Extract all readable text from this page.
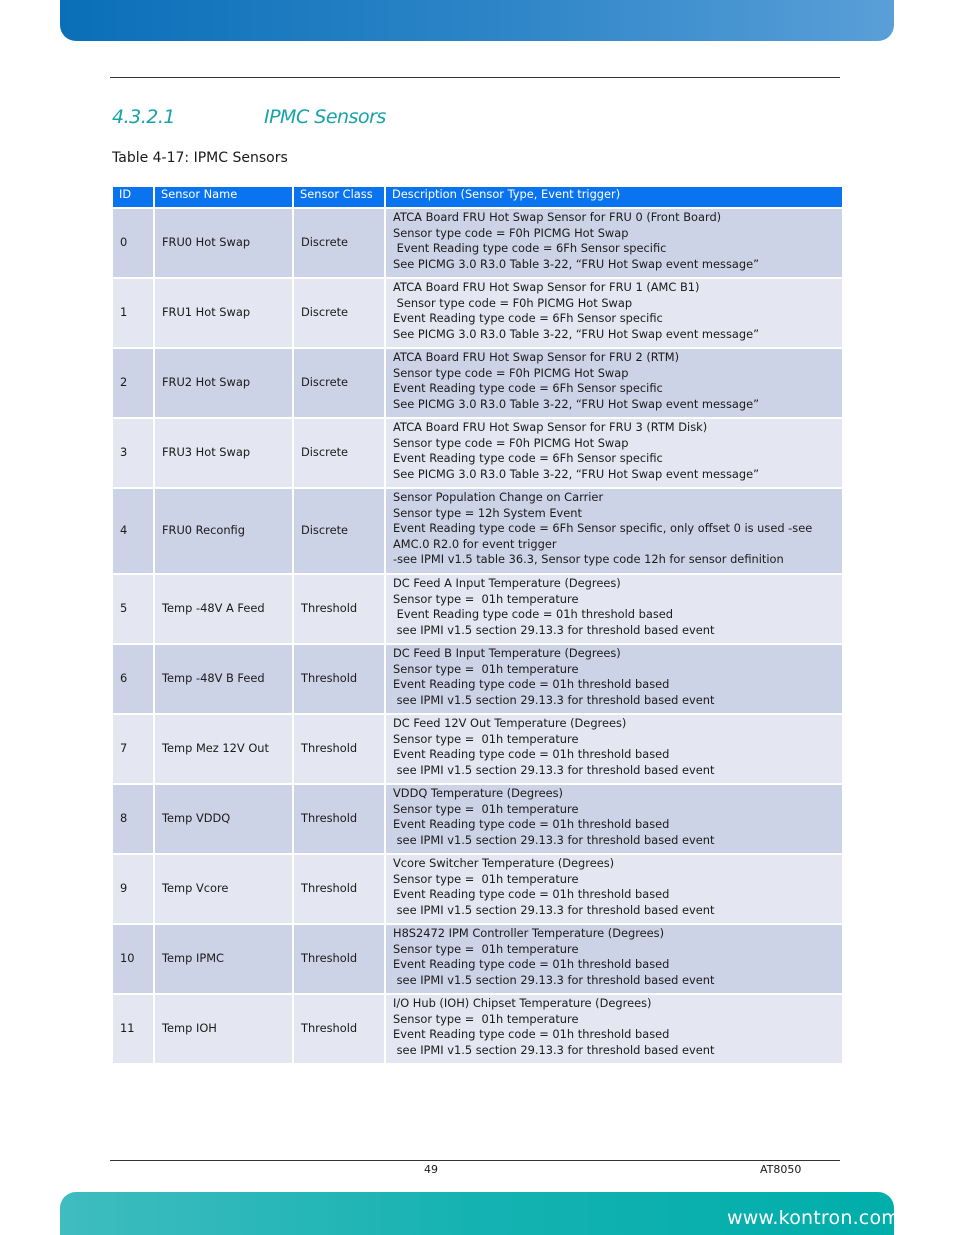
4.3.2.1	IPMC Sensors
Table 4-17: IPMC Sensors
ID	Sensor Name	Sensor Class	Description (Sensor Type, Event trigger)
0	FRU0 Hot Swap	Discrete	ATCA Board FRU Hot Swap Sensor for FRU 0 (Front Board)
Sensor type code = F0h PICMG Hot Swap
Event Reading type code = 6Fh Sensor specific
See PICMG 3.0 R3.0 Table 3-22, “FRU Hot Swap event message”
1	FRU1 Hot Swap	Discrete	ATCA Board FRU Hot Swap Sensor for FRU 1 (AMC B1)
Sensor type code = F0h PICMG Hot Swap
Event Reading type code = 6Fh Sensor specific
See PICMG 3.0 R3.0 Table 3-22, “FRU Hot Swap event message”
2	FRU2 Hot Swap	Discrete	ATCA Board FRU Hot Swap Sensor for FRU 2 (RTM)
Sensor type code = F0h PICMG Hot Swap
Event Reading type code = 6Fh Sensor specific
See PICMG 3.0 R3.0 Table 3-22, “FRU Hot Swap event message”
3	FRU3 Hot Swap	Discrete	ATCA Board FRU Hot Swap Sensor for FRU 3 (RTM Disk)
Sensor type code = F0h PICMG Hot Swap
Event Reading type code = 6Fh Sensor specific
See PICMG 3.0 R3.0 Table 3-22, “FRU Hot Swap event message”
4	FRU0 Reconfig	Discrete	Sensor Population Change on Carrier
Sensor type = 12h System Event
Event Reading type code = 6Fh Sensor specific, only offset 0 is used -see AMC.0 R2.0 for event trigger
-see IPMI v1.5 table 36.3, Sensor type code 12h for sensor definition
5	Temp -48V A Feed	Threshold	DC Feed A Input Temperature (Degrees)
Sensor type =  01h temperature
Event Reading type code = 01h threshold based
see IPMI v1.5 section 29.13.3 for threshold based event
6	Temp -48V B Feed	Threshold	DC Feed B Input Temperature (Degrees)
Sensor type =  01h temperature
Event Reading type code = 01h threshold based
see IPMI v1.5 section 29.13.3 for threshold based event
7	Temp Mez 12V Out	Threshold	DC Feed 12V Out Temperature (Degrees)
Sensor type =  01h temperature
Event Reading type code = 01h threshold based
see IPMI v1.5 section 29.13.3 for threshold based event
8	Temp VDDQ	Threshold	VDDQ Temperature (Degrees)
Sensor type =  01h temperature
Event Reading type code = 01h threshold based
see IPMI v1.5 section 29.13.3 for threshold based event
9	Temp Vcore	Threshold	Vcore Switcher Temperature (Degrees)
Sensor type =  01h temperature
Event Reading type code = 01h threshold based
see IPMI v1.5 section 29.13.3 for threshold based event
10	Temp IPMC	Threshold	H8S2472 IPM Controller Temperature (Degrees)
Sensor type =  01h temperature
Event Reading type code = 01h threshold based
see IPMI v1.5 section 29.13.3 for threshold based event
11	Temp IOH	Threshold	I/O Hub (IOH) Chipset Temperature (Degrees)
Sensor type =  01h temperature
Event Reading type code = 01h threshold based
see IPMI v1.5 section 29.13.3 for threshold based event
49	AT8050
www.kontron.com
